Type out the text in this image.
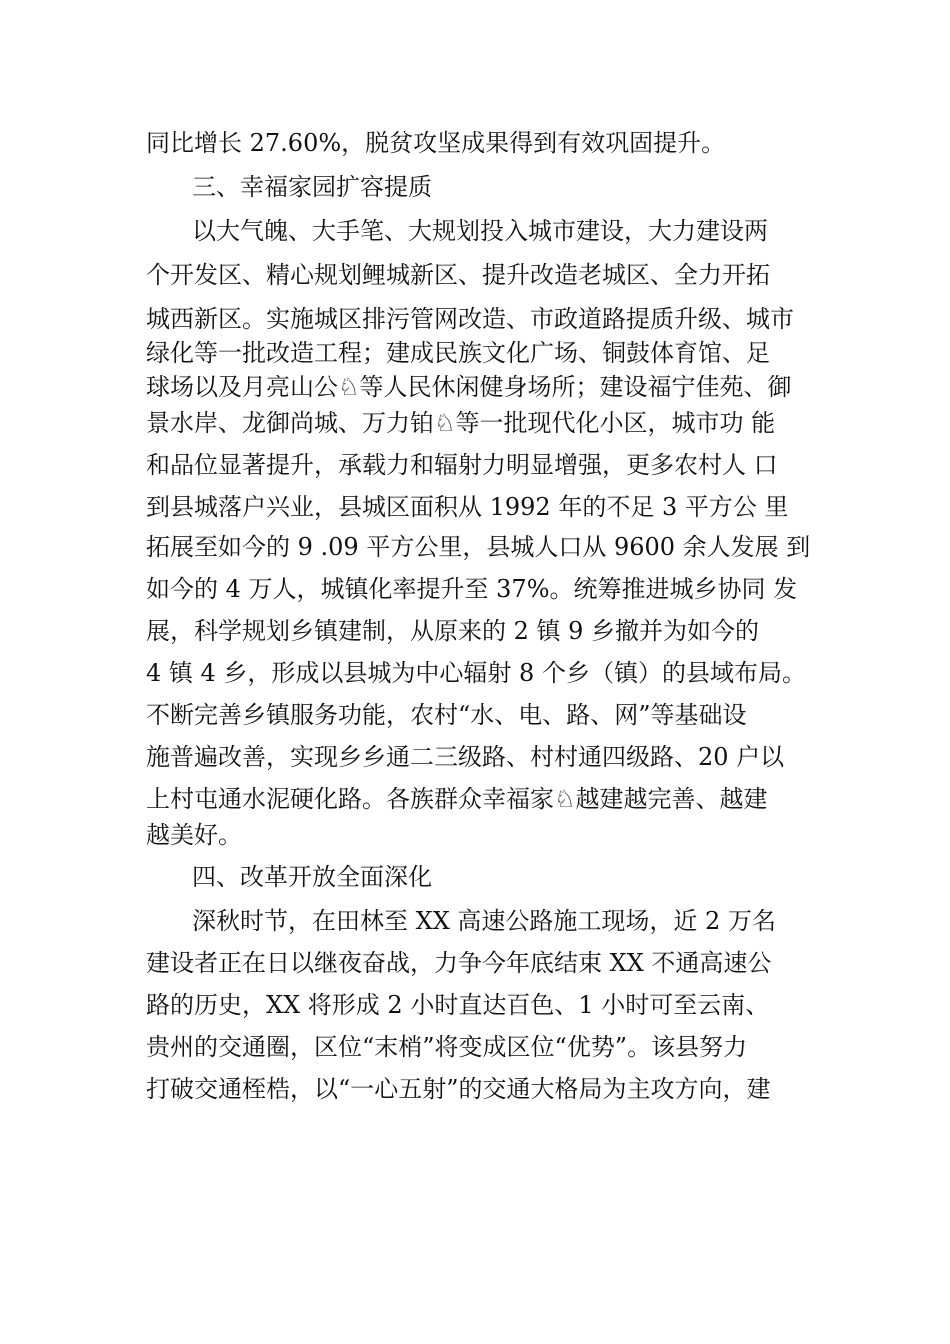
同比增长 27.60%，脱贫攻坚成果得到有效巩固提升。
三、幸福家园扩容提质
以大气魄、大手笔、大规划投入城市建设，大力建设两
个开发区、精心规划鲤城新区、提升改造老城区、全力开拓
城西新区。实施城区排污管网改造、市政道路提质升级、城市
绿化等一批改造工程；建成民族文化广场、铜鼓体育馆、足
球场以及月亮山公♘等人民休闲健身场所；建设福宁佳苑、御
景水岸、龙御尚城、万力铂♘等一批现代化小区，城市功 能
和品位显著提升，承载力和辐射力明显增强，更多农村人 口
到县城落户兴业，县城区面积从 1992 年的不足 3 平方公 里
拓展至如今的 9 .09 平方公里，县城人口从 9600 余人发展 到
如今的 4 万人，城镇化率提升至 37%。统筹推进城乡协同 发
展，科学规划乡镇建制，从原来的 2 镇 9 乡撤并为如今的
4 镇 4 乡，形成以县城为中心辐射 8 个乡（镇）的县域布局。
不断完善乡镇服务功能，农村“水、电、路、网”等基础设
施普遍改善，实现乡乡通二三级路、村村通四级路、20 户以
上村屯通水泥硬化路。各族群众幸福家♘越建越完善、越建
越美好。
四、改革开放全面深化
深秋时节，在田林至 XX 高速公路施工现场，近 2 万名
建设者正在日以继夜奋战，力争今年底结束 XX 不通高速公
路的历史，XX 将形成 2 小时直达百色、1 小时可至云南、
贵州的交通圈，区位“末梢”将变成区位“优势”。该县努力
打破交通桎梏，以“一心五射”的交通大格局为主攻方向，建
